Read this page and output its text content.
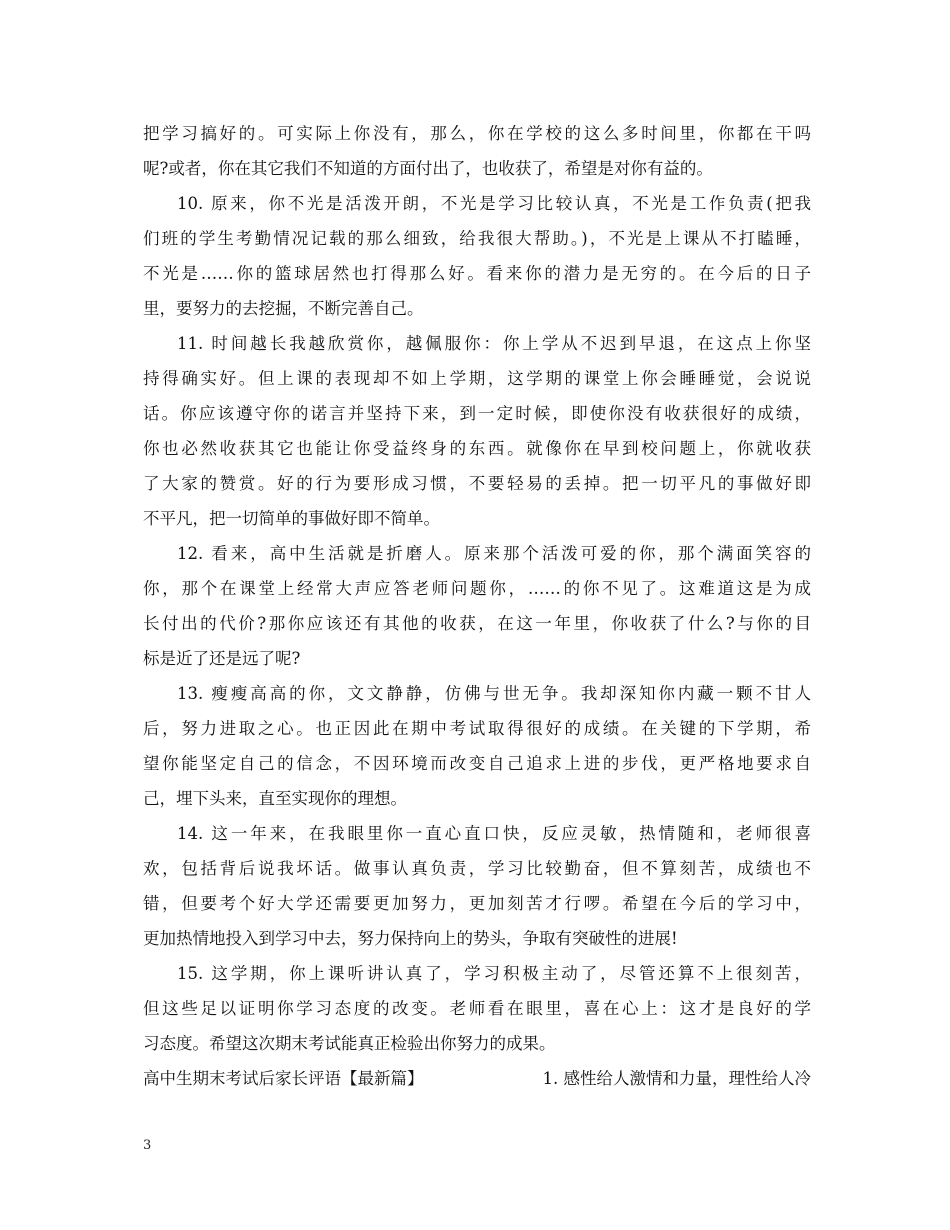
把学习搞好的。可实际上你没有，那么，你在学校的这么多时间里，你都在干吗
呢?或者，你在其它我们不知道的方面付出了，也收获了，希望是对你有益的。
10. 原来，你不光是活泼开朗，不光是学习比较认真，不光是工作负责(把我
们班的学生考勤情况记载的那么细致，给我很大帮助。)，不光是上课从不打瞌睡，
不光是……你的篮球居然也打得那么好。看来你的潜力是无穷的。在今后的日子
里，要努力的去挖掘，不断完善自己。
11. 时间越长我越欣赏你，越佩服你：你上学从不迟到早退，在这点上你坚
持得确实好。但上课的表现却不如上学期，这学期的课堂上你会睡睡觉，会说说
话。你应该遵守你的诺言并坚持下来，到一定时候，即使你没有收获很好的成绩，
你也必然收获其它也能让你受益终身的东西。就像你在早到校问题上，你就收获
了大家的赞赏。好的行为要形成习惯，不要轻易的丢掉。把一切平凡的事做好即
不平凡，把一切简单的事做好即不简单。
12. 看来，高中生活就是折磨人。原来那个活泼可爱的你，那个满面笑容的
你，那个在课堂上经常大声应答老师问题你，……的你不见了。这难道这是为成
长付出的代价?那你应该还有其他的收获，在这一年里，你收获了什么?与你的目
标是近了还是远了呢?
13. 瘦瘦高高的你，文文静静，仿佛与世无争。我却深知你内藏一颗不甘人
后，努力进取之心。也正因此在期中考试取得很好的成绩。在关键的下学期，希
望你能坚定自己的信念，不因环境而改变自己追求上进的步伐，更严格地要求自
己，埋下头来，直至实现你的理想。
14. 这一年来，在我眼里你一直心直口快，反应灵敏，热情随和，老师很喜
欢，包括背后说我坏话。做事认真负责，学习比较勤奋，但不算刻苦，成绩也不
错，但要考个好大学还需要更加努力，更加刻苦才行啰。希望在今后的学习中，
更加热情地投入到学习中去，努力保持向上的势头，争取有突破性的进展!
15. 这学期，你上课听讲认真了，学习积极主动了，尽管还算不上很刻苦，
但这些足以证明你学习态度的改变。老师看在眼里，喜在心上：这才是良好的学
习态度。希望这次期末考试能真正检验出你努力的成果。
高中生期末考试后家长评语【最新篇】	1. 感性给人激情和力量，理性给人冷
3
